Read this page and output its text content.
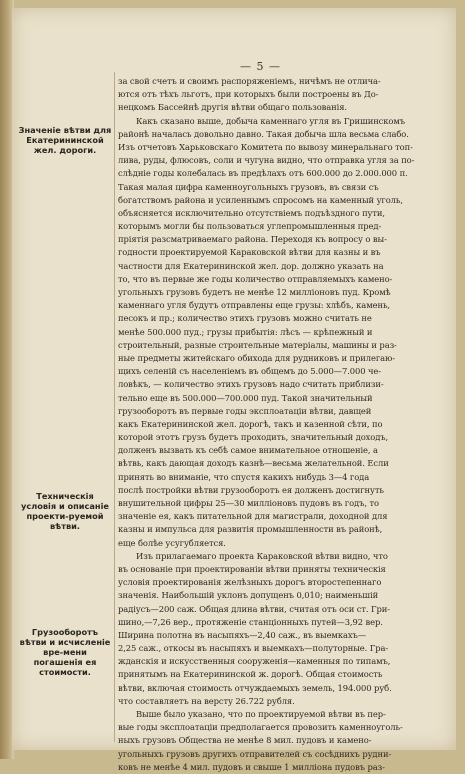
— 5 —
Значеніе вѣтви для Екатерининской жел. дороги.
Техническія условія и описаніе проекти-руемой вѣтви.
Грузооборотъ вѣтви и исчисленіе вре-мени погашенія ея стоимости.
за свой счетъ и своимъ распоряженіемъ, ничѣмъ не отлича-
ются отъ тѣхъ льготъ, при которыхъ были построены въ До-
нецкомъ Бассейнѣ другія вѣтви общаго пользованія.
Какъ сказано выше, добыча каменнаго угля въ Гришинскомъ
районѣ началась довольно давно. Такая добыча шла весьма слабо.
Изъ отчетовъ Харьковскаго Комитета по вывозу минеральнаго топ-
лива, руды, флюсовъ, соли и чугуна видно, что отправка угля за по-
слѣдніе годы колебалась въ предѣлахъ отъ 600.000 до 2.000.000 п.
Такая малая цифра каменноугольныхъ грузовъ, въ связи съ
богатствомъ района и усиленнымъ спросомъ на каменный уголь,
объясняется исключительно отсутствіемъ подъѣздного пути,
которымъ могли бы пользоваться углепромышленныя пред-
пріятія разсматриваемаго района. Переходя къ вопросу о вы-
годности проектируемой Караковской вѣтви для казны и въ
частности для Екатерининской жел. дор. должно указать на
то, что въ первые же годы количество отправляемыхъ камено-
угольныхъ грузовъ будетъ не менѣе 12 милліоновъ пуд. Кромѣ
каменнаго угля будутъ отправлены еще грузы: хлѣбъ, камень,
песокъ и пр.; количество этихъ грузовъ можно считать не
менѣе 500.000 пуд.; грузы прибытія: лѣсъ — крѣпежный и
строительный, разные строительные матеріалы, машины и раз-
ные предметы житейскаго обихода для рудниковъ и прилегаю-
щихъ селеній съ населеніемъ въ общемъ до 5.000—7.000 че-
ловѣкъ, — количество этихъ грузовъ надо считать приблизи-
тельно еще въ 500.000—700.000 пуд. Такой значительный
грузооборотъ въ первые годы эксплоатаціи вѣтви, давщей
какъ Екатерининской жел. дорогѣ, такъ и казенной сѣти, по
которой этотъ грузъ будетъ проходить, значительный доходъ,
долженъ вызвать къ себѣ самое внимательное отношеніе, а
вѣтвь, какъ дающая доходъ казнѣ—весьма желательной. Если
принять во вниманіе, что спустя какихъ нибудь 3—4 года
послѣ постройки вѣтви грузооборотъ ея долженъ достигнуть
внушительной цифры 25—30 милліоновъ пудовъ въ годъ, то
значеніе ея, какъ питательной для магистрали, доходной для
казны и импульса для развитія промышленности въ районѣ,
еще болѣе усугубляется.
Изъ прилагаемаго проекта Караковской вѣтви видно, что
въ основаніе при проектированіи вѣтви приняты техническія
условія проектированія желѣзныхъ дорогъ второстепеннаго
значенія. Наибольшій уклонъ допущенъ 0,010; наименьшій
радіусъ—200 саж. Общая длина вѣтви, считая отъ оси ст. Гри-
шино,—7,26 вер., протяженіе станціонныхъ путей—3,92 вер.
Ширина полотна въ насыпяхъ—2,40 саж., въ выемкахъ—
2,25 саж., откосы въ насыпяхъ и выемкахъ—полуторные. Гра-
жданскія и искусственныя сооруженія—каменныя по типамъ,
принятымъ на Екатерининской ж. дорогѣ. Общая стоимость
вѣтви, включая стоимость отчуждаемыхъ земель, 194.000 руб.
что составляетъ на версту 26.722 рубля.
Выше было указано, что по проектируемой вѣтви въ пер-
вые годы эксплоатаціи предполагается провозить каменноуголь-
ныхъ грузовъ Общества не менѣе 8 мил. пудовъ и камено-
угольныхъ грузовъ другихъ отправителей съ сосѣднихъ рудни-
ковъ не менѣе 4 мил. пудовъ и свыше 1 милліона пудовъ раз-
